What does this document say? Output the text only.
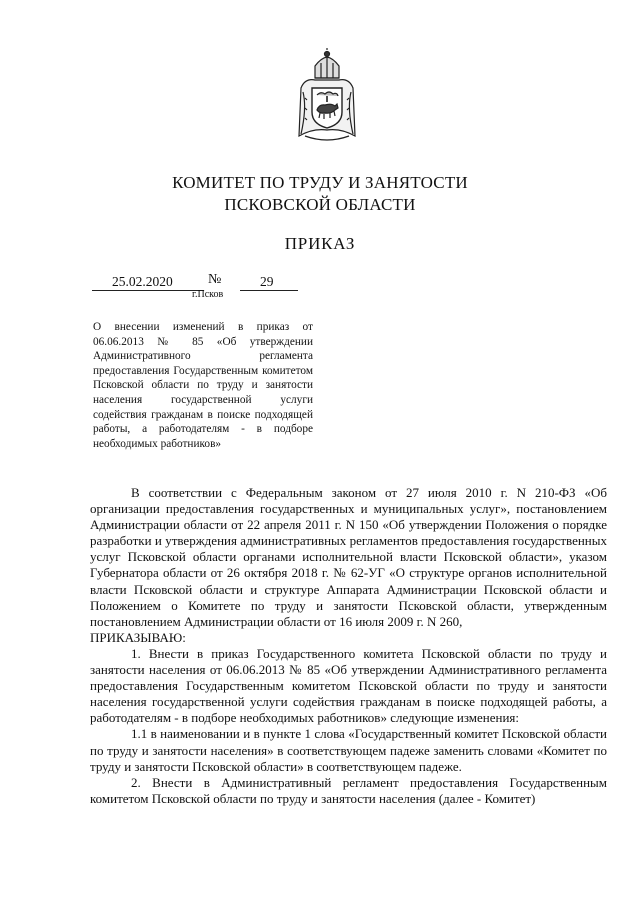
КОМИТЕТ ПО ТРУДУ И ЗАНЯТОСТИ
ПСКОВСКОЙ ОБЛАСТИ
ПРИКАЗ
25.02.2020	№	29
г.Псков
О внесении изменений в приказ от 06.06.2013 № 85 «Об утверждении Административного регламента предоставления Государственным комитетом Псковской области по труду и занятости населения государственной услуги содействия гражданам в поиске подходящей работы, а работодателям - в подборе необходимых работников»

В соответствии с Федеральным законом от 27 июля 2010 г. N 210-ФЗ «Об организации предоставления государственных и муниципальных услуг», постановлением Администрации области от 22 апреля 2011 г. N 150 «Об утверждении Положения о порядке разработки и утверждения административных регламентов предоставления государственных услуг Псковской области органами исполнительной власти Псковской области», указом Губернатора области от 26 октября 2018 г. № 62-УГ «О структуре органов исполнительной власти Псковской области и структуре Аппарата Администрации Псковской области и Положением о Комитете по труду и занятости Псковской области, утвержденным постановлением Администрации области от 16 июля 2009 г. N 260,

ПРИКАЗЫВАЮ:

1. Внести в приказ Государственного комитета Псковской области по труду и занятости населения от 06.06.2013 № 85 «Об утверждении Административного регламента предоставления Государственным комитетом Псковской области по труду и занятости населения государственной услуги содействия гражданам в поиске подходящей работы, а работодателям - в подборе необходимых работников» следующие изменения:

1.1 в наименовании и в пункте 1 слова «Государственный комитет Псковской области по труду и занятости населения» в соответствующем падеже заменить словами «Комитет по труду и занятости Псковской области» в соответствующем падеже.

2. Внести в Административный регламент предоставления Государственным комитетом Псковской области по труду и занятости населения (далее - Комитет)
